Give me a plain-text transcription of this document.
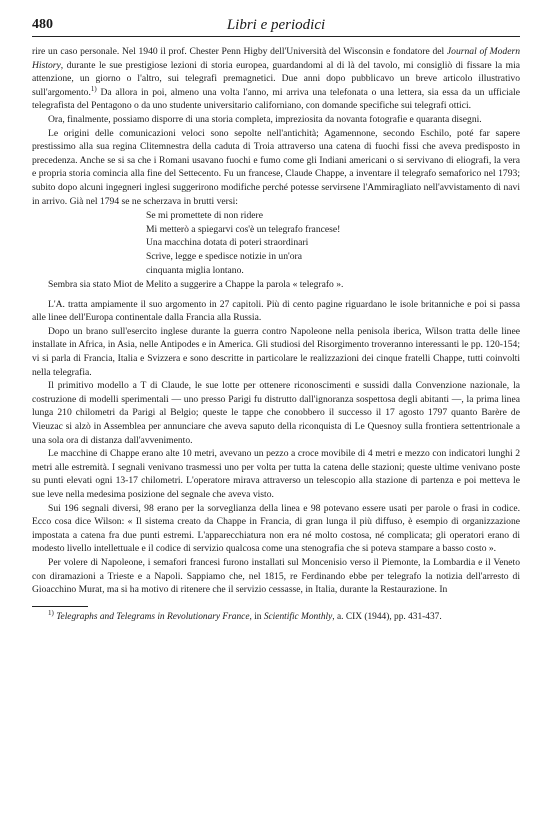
480	Libri e periodici

rire un caso personale. Nel 1940 il prof. Chester Penn Higby dell'Università del Wisconsin e fondatore del Journal of Modern History, durante le sue prestigiose lezioni di storia europea, guardandomi al di là del tavolo, mi consigliò di fissare la mia attenzione, un giorno o l'altro, sui telegrafi premagnetici. Due anni dopo pubblicavo un breve articolo illustrativo sull'argomento.$^{1)}$ Da allora in poi, almeno una volta l'anno, mi arriva una telefonata o una lettera, sia essa da un ufficiale telegrafista del Pentagono o da uno studente universitario californiano, con domande specifiche sui telegrafi ottici.

Ora, finalmente, possiamo disporre di una storia completa, impreziosita da novanta fotografie e quaranta disegni.

Le origini delle comunicazioni veloci sono sepolte nell'antichità; Agamennone, secondo Eschilo, poté far sapere prestissimo alla sua regina Clitemnestra della caduta di Troia attraverso una catena di fuochi fissi che aveva predisposto in precedenza. Anche se si sa che i Romani usavano fuochi e fumo come gli Indiani americani o si servivano di eliografi, la vera e propria storia comincia alla fine del Settecento. Fu un francese, Claude Chappe, a inventare il telegrafo semaforico nel 1793; subito dopo alcuni ingegneri inglesi suggerirono modifiche perché potesse servirsene l'Ammiragliato nell'avvistamento di navi in arrivo. Già nel 1794 se ne scherzava in brutti versi:

Se mi promettete di non ridere
Mi metterò a spiegarvi cos'è un telegrafo francese!
Una macchina dotata di poteri straordinari
Scrive, legge e spedisce notizie in un'ora
cinquanta miglia lontano.

Sembra sia stato Miot de Melito a suggerire a Chappe la parola « telegrafo ».

L'A. tratta ampiamente il suo argomento in 27 capitoli. Più di cento pagine riguardano le isole britanniche e poi si passa alle linee dell'Europa continentale dalla Francia alla Russia.

Dopo un brano sull'esercito inglese durante la guerra contro Napoleone nella penisola iberica, Wilson tratta delle linee installate in Africa, in Asia, nelle Antipodes e in America. Gli studiosi del Risorgimento troveranno interessanti le pp. 120-154; vi si parla di Francia, Italia e Svizzera e sono descritte in particolare le realizzazioni dei cinque fratelli Chappe, tutti coinvolti nella telegrafia.

Il primitivo modello a T di Claude, le sue lotte per ottenere riconoscimenti e sussidi dalla Convenzione nazionale, la costruzione di modelli sperimentali — uno presso Parigi fu distrutto dall'ignoranza sospettosa degli abitanti —, la prima linea lunga 210 chilometri da Parigi al Belgio; queste le tappe che conobbero il successo il 17 agosto 1797 quanto Barère de Vieuzac si alzò in Assemblea per annunciare che aveva saputo della riconquista di Le Quesnoy sulla frontiera settentrionale a una sola ora di distanza dall'avvenimento.

Le macchine di Chappe erano alte 10 metri, avevano un pezzo a croce movibile di 4 metri e mezzo con indicatori lunghi 2 metri alle estremità. I segnali venivano trasmessi uno per volta per tutta la catena delle stazioni; queste ultime venivano poste su punti elevati ogni 13-17 chilometri. L'operatore mirava attraverso un telescopio alla stazione di partenza e poi metteva le sue leve nella medesima posizione del segnale che aveva visto.

Sui 196 segnali diversi, 98 erano per la sorveglianza della linea e 98 potevano essere usati per parole o frasi in codice. Ecco cosa dice Wilson: « Il sistema creato da Chappe in Francia, di gran lunga il più diffuso, è esempio di organizzazione impostata a catena fra due punti estremi. L'apparecchiatura non era né molto costosa, né complicata; gli operatori erano di modesto livello intellettuale e il codice di servizio qualcosa come una stenografia che si poteva stampare a basso costo ».

Per volere di Napoleone, i semafori francesi furono installati sul Moncenisio verso il Piemonte, la Lombardia e il Veneto con diramazioni a Trieste e a Napoli. Sappiamo che, nel 1815, re Ferdinando ebbe per telegrafo la notizia dell'arresto di Gioacchino Murat, ma si ha motivo di ritenere che il servizio cessasse, in Italia, durante la Restaurazione. In

$^{1)}$ Telegraphs and Telegrams in Revolutionary France, in Scientific Monthly, a. CIX (1944), pp. 431-437.
